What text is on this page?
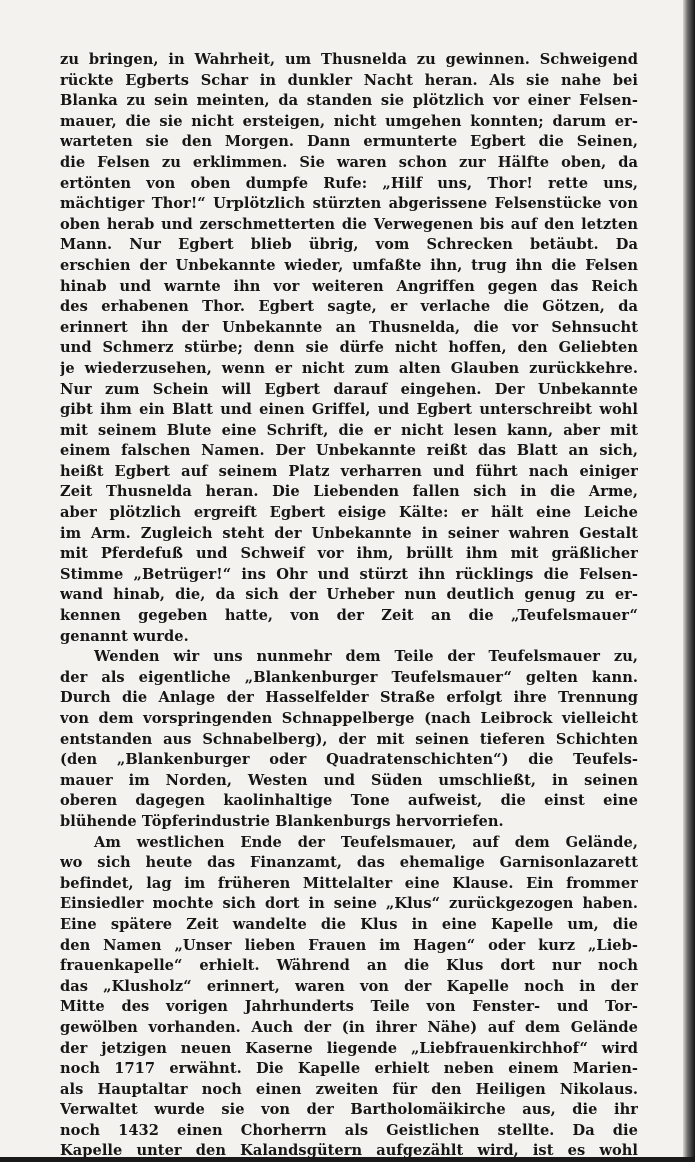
zu bringen, in Wahrheit, um Thusnelda zu gewinnen. Schweigend
rückte Egberts Schar in dunkler Nacht heran. Als sie nahe bei
Blanka zu sein meinten, da standen sie plötzlich vor einer Felsen-
mauer, die sie nicht ersteigen, nicht umgehen konnten; darum er-
warteten sie den Morgen. Dann ermunterte Egbert die Seinen,
die Felsen zu erklimmen. Sie waren schon zur Hälfte oben, da
ertönten von oben dumpfe Rufe: „Hilf uns, Thor! rette uns,
mächtiger Thor!“ Urplötzlich stürzten abgerissene Felsenstücke von
oben herab und zerschmetterten die Verwegenen bis auf den letzten
Mann. Nur Egbert blieb übrig, vom Schrecken betäubt. Da
erschien der Unbekannte wieder, umfaßte ihn, trug ihn die Felsen
hinab und warnte ihn vor weiteren Angriffen gegen das Reich
des erhabenen Thor. Egbert sagte, er verlache die Götzen, da
erinnert ihn der Unbekannte an Thusnelda, die vor Sehnsucht
und Schmerz stürbe; denn sie dürfe nicht hoffen, den Geliebten
je wiederzusehen, wenn er nicht zum alten Glauben zurückkehre.
Nur zum Schein will Egbert darauf eingehen. Der Unbekannte
gibt ihm ein Blatt und einen Griffel, und Egbert unterschreibt wohl
mit seinem Blute eine Schrift, die er nicht lesen kann, aber mit
einem falschen Namen. Der Unbekannte reißt das Blatt an sich,
heißt Egbert auf seinem Platz verharren und führt nach einiger
Zeit Thusnelda heran. Die Liebenden fallen sich in die Arme,
aber plötzlich ergreift Egbert eisige Kälte: er hält eine Leiche
im Arm. Zugleich steht der Unbekannte in seiner wahren Gestalt
mit Pferdefuß und Schweif vor ihm, brüllt ihm mit gräßlicher
Stimme „Betrüger!“ ins Ohr und stürzt ihn rücklings die Felsen-
wand hinab, die, da sich der Urheber nun deutlich genug zu er-
kennen gegeben hatte, von der Zeit an die „Teufelsmauer“
genannt wurde.
Wenden wir uns nunmehr dem Teile der Teufelsmauer zu,
der als eigentliche „Blankenburger Teufelsmauer“ gelten kann.
Durch die Anlage der Hasselfelder Straße erfolgt ihre Trennung
von dem vorspringenden Schnappelberge (nach Leibrock vielleicht
entstanden aus Schnabelberg), der mit seinen tieferen Schichten
(den „Blankenburger oder Quadratenschichten“) die Teufels-
mauer im Norden, Westen und Süden umschließt, in seinen
oberen dagegen kaolinhaltige Tone aufweist, die einst eine
blühende Töpferindustrie Blankenburgs hervorriefen.
Am westlichen Ende der Teufelsmauer, auf dem Gelände,
wo sich heute das Finanzamt, das ehemalige Garnisonlazarett
befindet, lag im früheren Mittelalter eine Klause. Ein frommer
Einsiedler mochte sich dort in seine „Klus“ zurückgezogen haben.
Eine spätere Zeit wandelte die Klus in eine Kapelle um, die
den Namen „Unser lieben Frauen im Hagen“ oder kurz „Lieb-
frauenkapelle“ erhielt. Während an die Klus dort nur noch
das „Klusholz“ erinnert, waren von der Kapelle noch in der
Mitte des vorigen Jahrhunderts Teile von Fenster- und Tor-
gewölben vorhanden. Auch der (in ihrer Nähe) auf dem Gelände
der jetzigen neuen Kaserne liegende „Liebfrauenkirchhof“ wird
noch 1717 erwähnt. Die Kapelle erhielt neben einem Marien-
als Hauptaltar noch einen zweiten für den Heiligen Nikolaus.
Verwaltet wurde sie von der Bartholomäikirche aus, die ihr
noch 1432 einen Chorherrn als Geistlichen stellte. Da die
Kapelle unter den Kalandsgütern aufgezählt wird, ist es wohl
